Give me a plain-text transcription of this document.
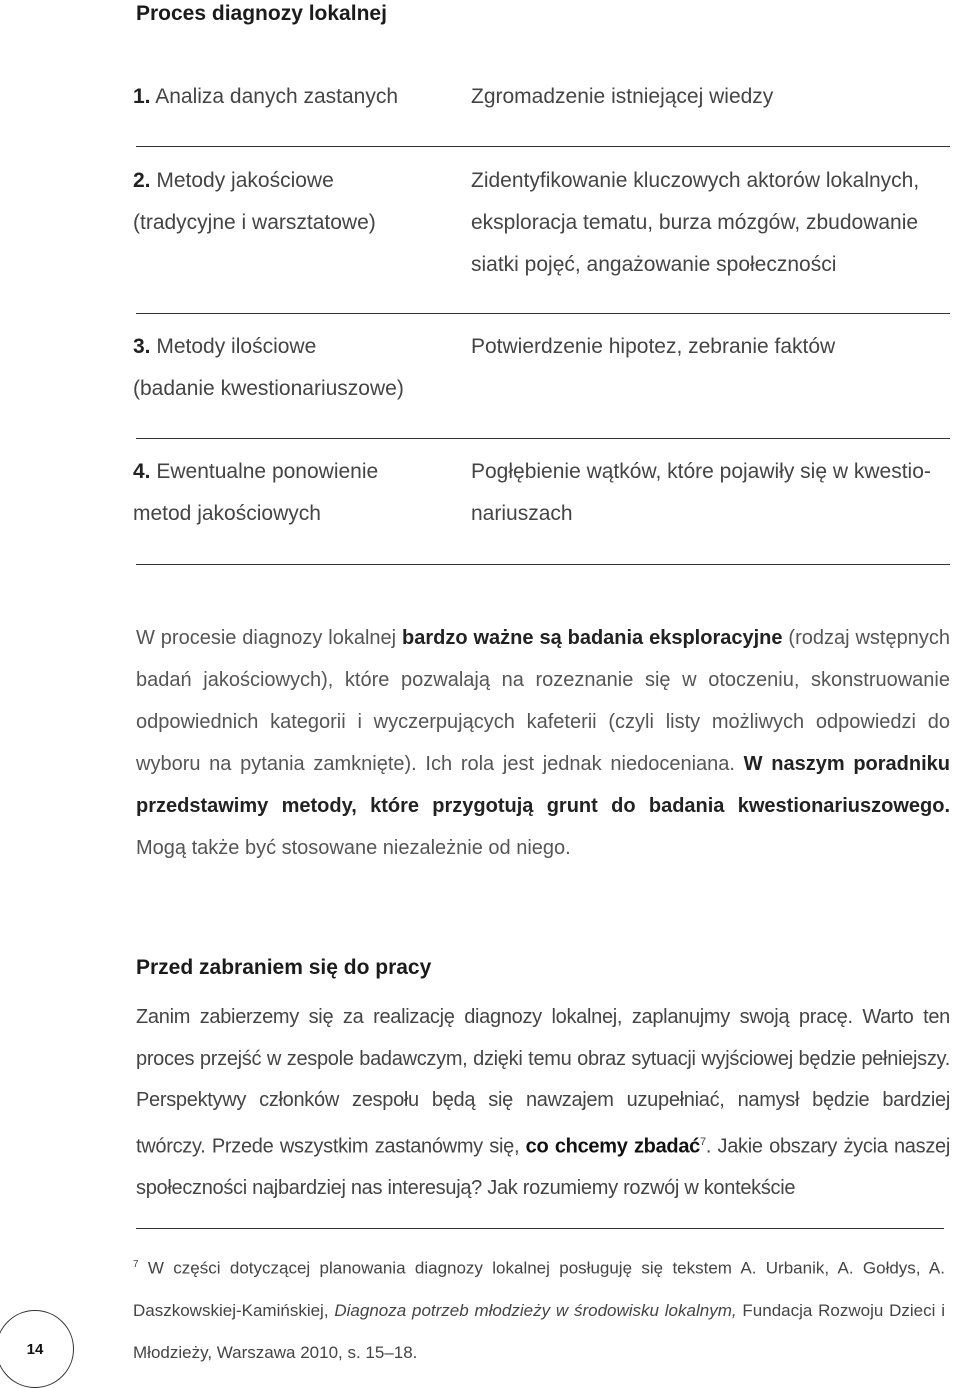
Proces diagnozy lokalnej
1. Analiza danych zastanych	Zgromadzenie istniejącej wiedzy
2. Metody jakościowe
(tradycyjne i warsztatowe)
Zidentyfikowanie kluczowych aktorów lokalnych,
eksploracja tematu, burza mózgów, zbudowanie
siatki pojęć, angażowanie społeczności
3. Metody ilościowe
(badanie kwestionariuszowe)
Potwierdzenie hipotez, zebranie faktów
4. Ewentualne ponowienie
metod jakościowych
Pogłębienie wątków, które pojawiły się w kwestio-
nariuszach

W procesie diagnozy lokalnej bardzo ważne są badania eksploracyjne (rodzaj wstępnych badań jakościowych), które pozwalają na rozeznanie się w otoczeniu, skonstruowanie odpowiednich kategorii i wyczerpujących kafeterii (czyli listy możliwych odpowiedzi do wyboru na pytania zamknięte). Ich rola jest jednak niedoceniana. W naszym poradniku przedstawimy metody, które przygotują grunt do badania kwestionariuszowego. Mogą także być stosowane niezależnie od niego.

Przed zabraniem się do pracy

Zanim zabierzemy się za realizację diagnozy lokalnej, zaplanujmy swoją pracę. Warto ten proces przejść w zespole badawczym, dzięki temu obraz sytuacji wyjściowej będzie pełniejszy. Perspektywy członków zespołu będą się nawzajem uzupełniać, namysł będzie bardziej twórczy. Przede wszystkim zastanówmy się, co chcemy zbadać$^7$. Jakie obszary życia naszej społeczności najbardziej nas interesują? Jak rozumiemy rozwój w kontekście

$^7$ W części dotyczącej planowania diagnozy lokalnej posługuję się tekstem A. Urbanik, A. Gołdys, A. Daszkowskiej-Kamińskiej, Diagnoza potrzeb młodzieży w środowisku lokalnym, Fundacja Rozwoju Dzieci i Młodzieży, Warszawa 2010, s. 15–18.

14
